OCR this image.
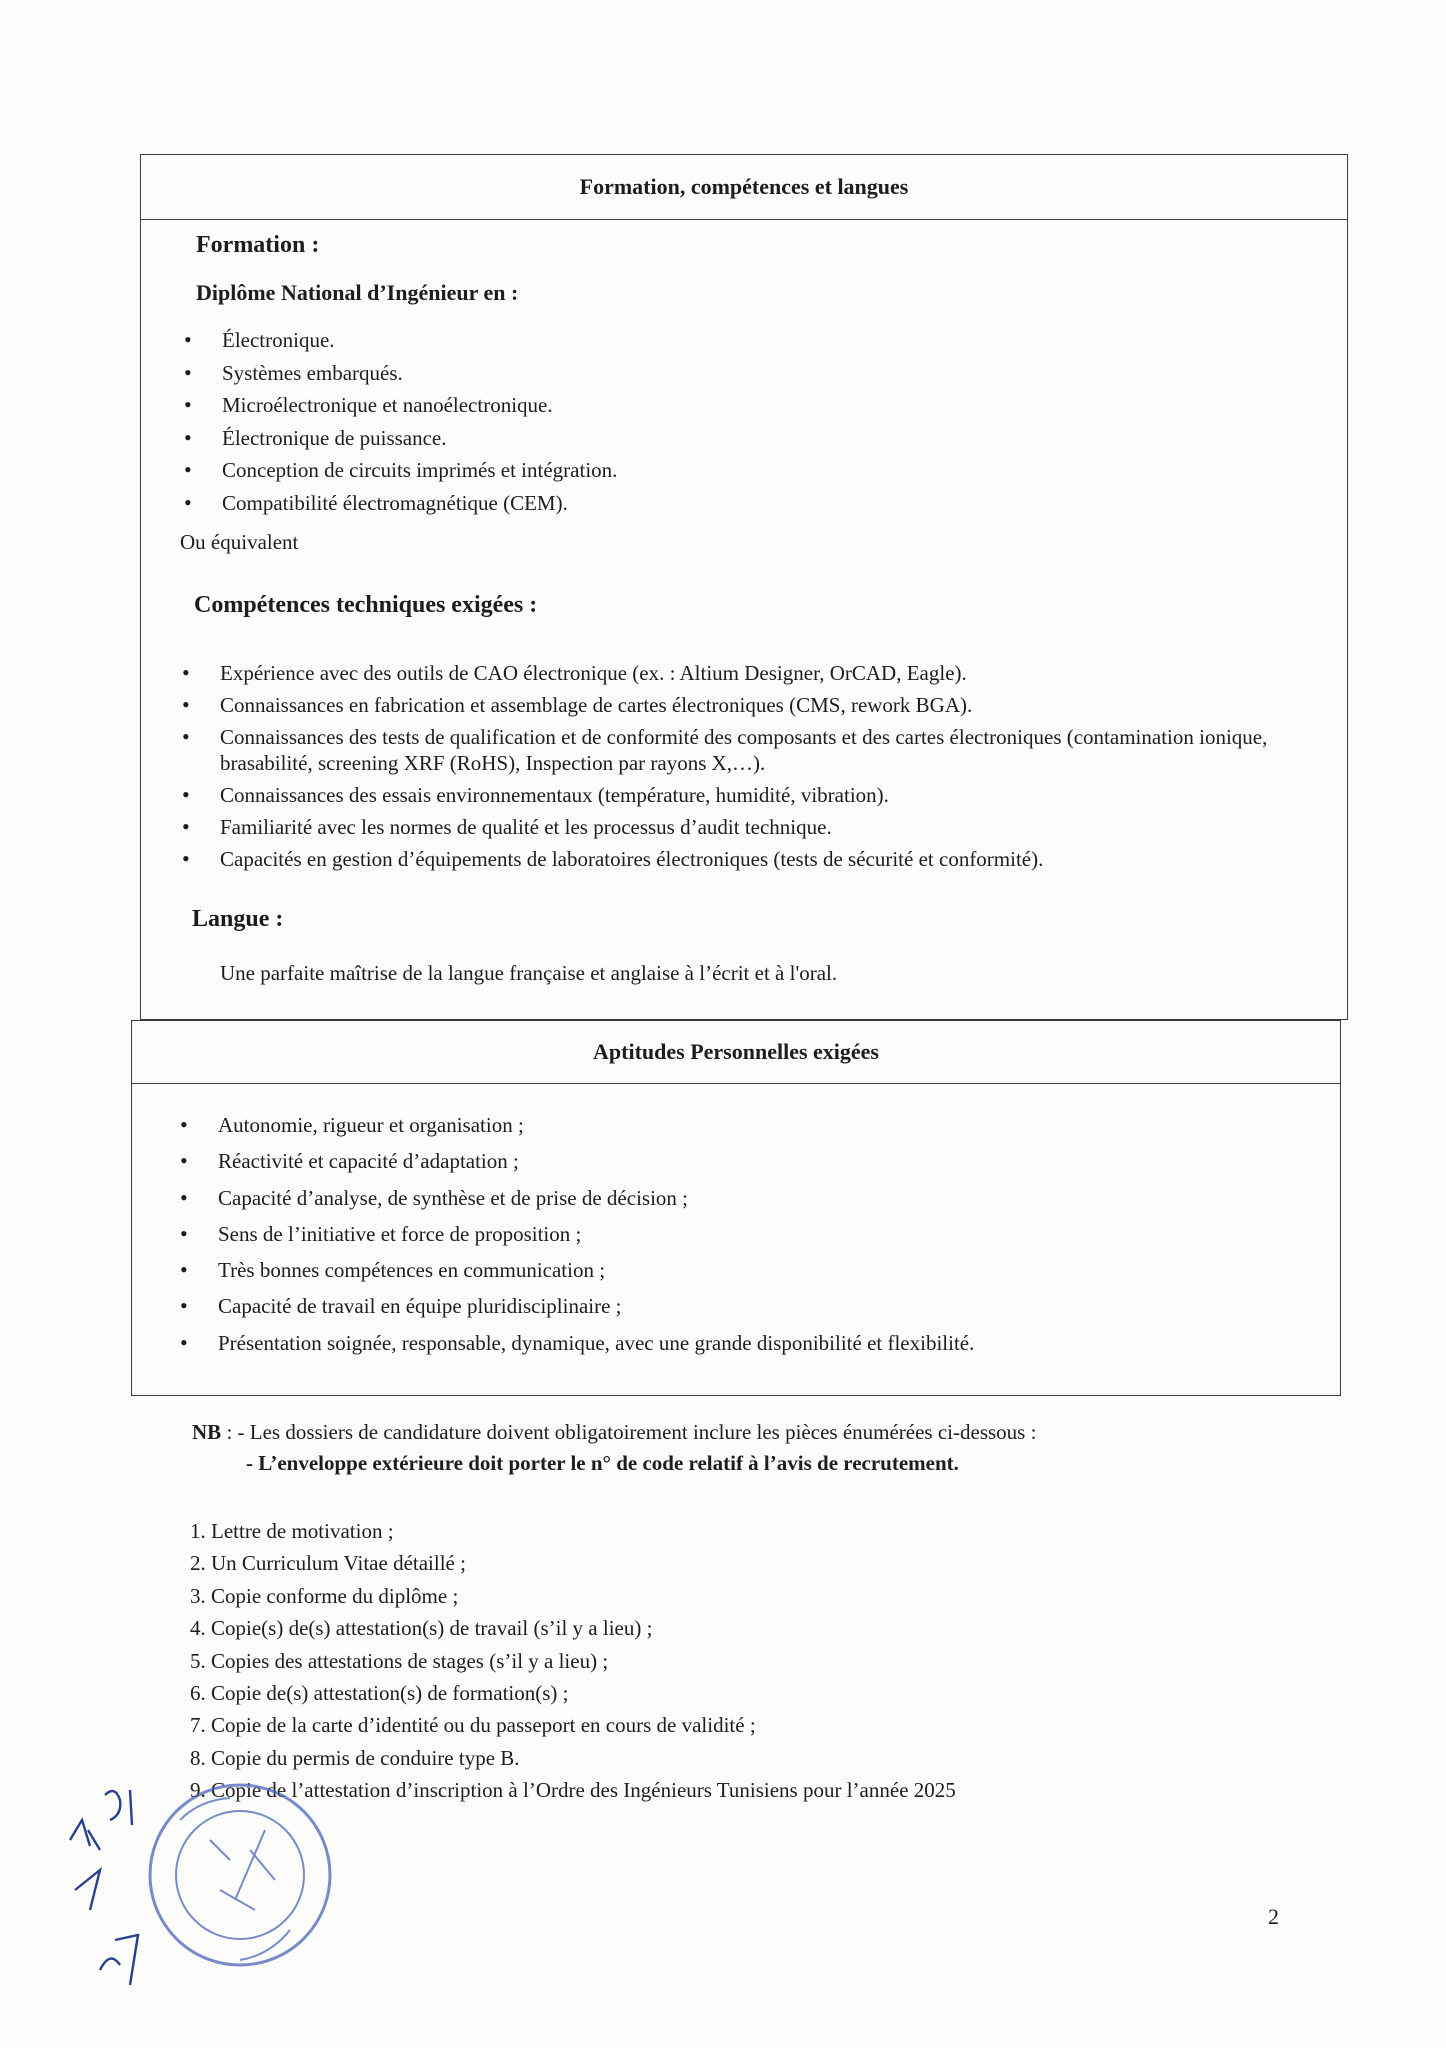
Formation, compétences et langues
Formation :
Diplôme National d’Ingénieur en :
• Électronique.
• Systèmes embarqués.
• Microélectronique et nanoélectronique.
• Électronique de puissance.
• Conception de circuits imprimés et intégration.
• Compatibilité électromagnétique (CEM).
Ou équivalent
Compétences techniques exigées :
• Expérience avec des outils de CAO électronique (ex. : Altium Designer, OrCAD, Eagle).
• Connaissances en fabrication et assemblage de cartes électroniques (CMS, rework BGA).
• Connaissances des tests de qualification et de conformité des composants et des cartes électroniques (contamination ionique, brasabilité, screening XRF (RoHS), Inspection par rayons X,…).
• Connaissances des essais environnementaux (température, humidité, vibration).
• Familiarité avec les normes de qualité et les processus d’audit technique.
• Capacités en gestion d’équipements de laboratoires électroniques (tests de sécurité et conformité).
Langue :
Une parfaite maîtrise de la langue française et anglaise à l’écrit et à l'oral.
Aptitudes Personnelles exigées
• Autonomie, rigueur et organisation ;
• Réactivité et capacité d’adaptation ;
• Capacité d’analyse, de synthèse et de prise de décision ;
• Sens de l’initiative et force de proposition ;
• Très bonnes compétences en communication ;
• Capacité de travail en équipe pluridisciplinaire ;
• Présentation soignée, responsable, dynamique, avec une grande disponibilité et flexibilité.
NB : - Les dossiers de candidature doivent obligatoirement inclure les pièces énumérées ci-dessous :
- L’enveloppe extérieure doit porter le n° de code relatif à l’avis de recrutement.
1. Lettre de motivation ;
2. Un Curriculum Vitae détaillé ;
3. Copie conforme du diplôme ;
4. Copie(s) de(s) attestation(s) de travail (s’il y a lieu) ;
5. Copies des attestations de stages (s’il y a lieu) ;
6. Copie de(s) attestation(s) de formation(s) ;
7. Copie de la carte d’identité ou du passeport en cours de validité ;
8. Copie du permis de conduire type B.
9. Copie de l’attestation d’inscription à l’Ordre des Ingénieurs Tunisiens pour l’année 2025
2
